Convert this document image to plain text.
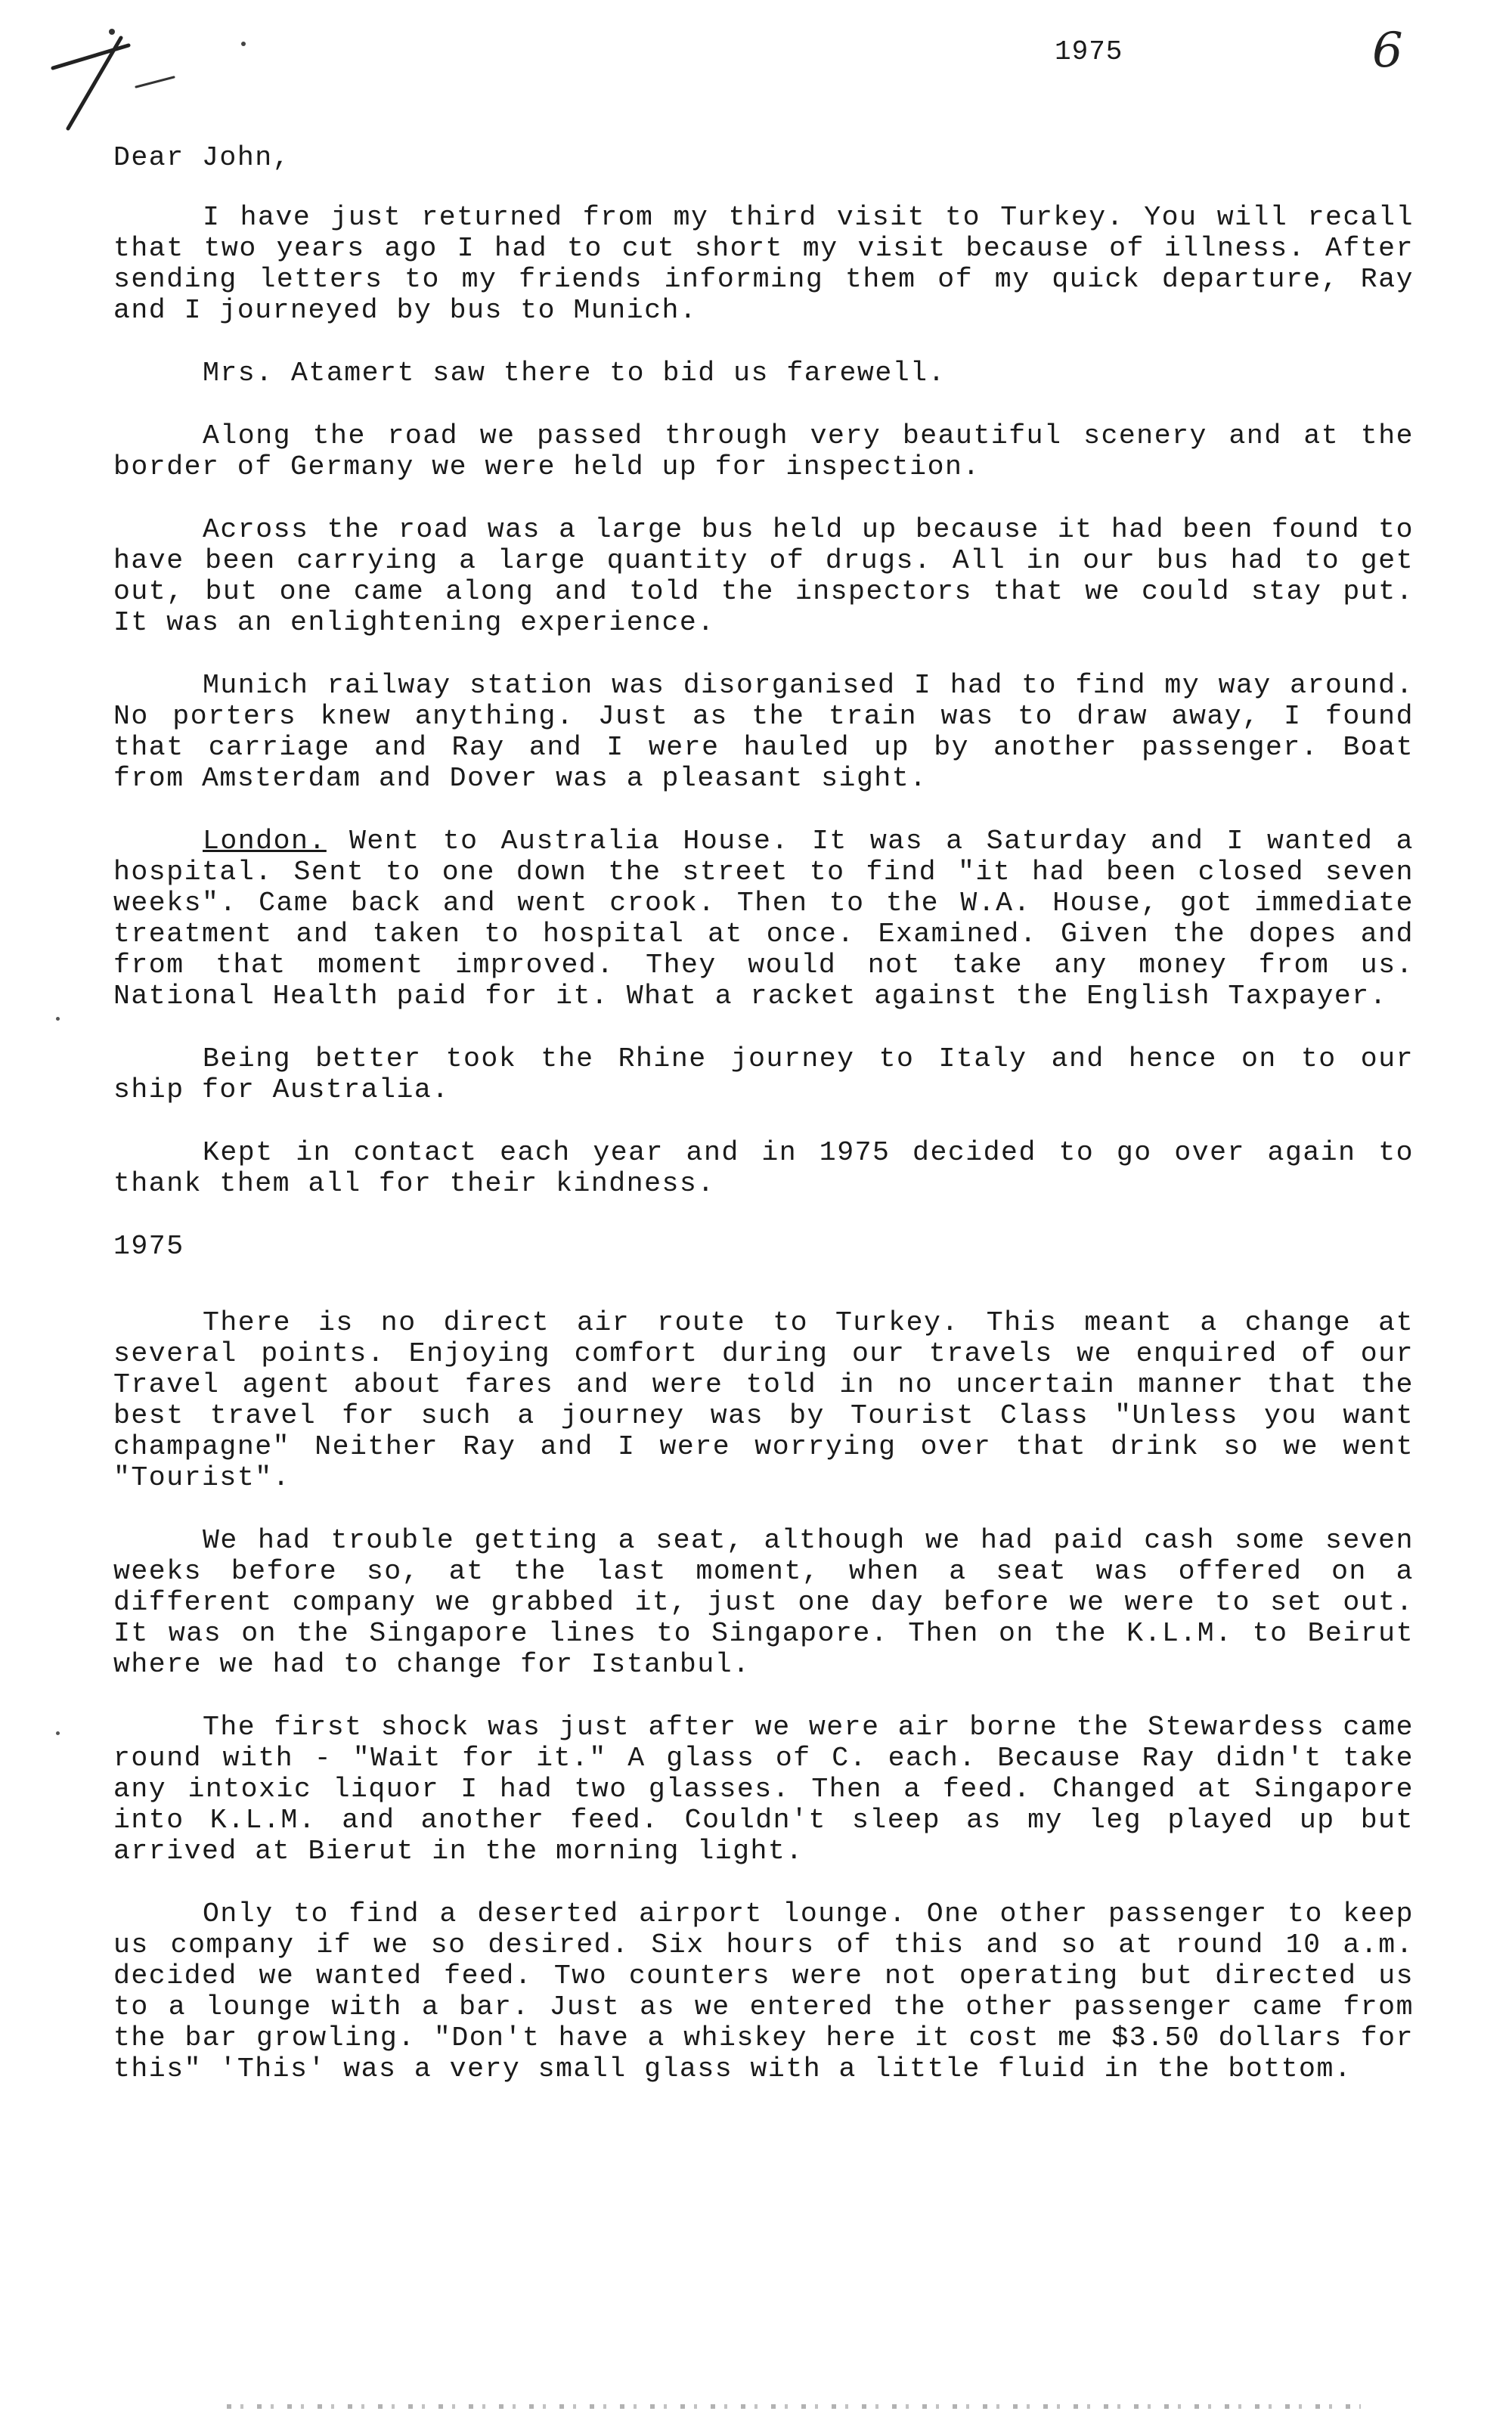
1975	6

Dear John,

I have just returned from my third visit to Turkey. You will recall that two years ago I had to cut short my visit because of illness. After sending letters to my friends informing them of my quick departure, Ray and I journeyed by bus to Munich.

Mrs. Atamert saw there to bid us farewell.

Along the road we passed through very beautiful scenery and at the border of Germany we were held up for inspection.

Across the road was a large bus held up because it had been found to have been carrying a large quantity of drugs. All in our bus had to get out, but one came along and told the inspectors that we could stay put. It was an enlightening experience.

Munich railway station was disorganised I had to find my way around. No porters knew anything. Just as the train was to draw away, I found that carriage and Ray and I were hauled up by another passenger. Boat from Amsterdam and Dover was a pleasant sight.

London. Went to Australia House. It was a Saturday and I wanted a hospital. Sent to one down the street to find "it had been closed seven weeks". Came back and went crook. Then to the W.A. House, got immediate treatment and taken to hospital at once. Examined. Given the dopes and from that moment improved. They would not take any money from us. National Health paid for it. What a racket against the English Taxpayer.

Being better took the Rhine journey to Italy and hence on to our ship for Australia.

Kept in contact each year and in 1975 decided to go over again to thank them all for their kindness.

1975

There is no direct air route to Turkey. This meant a change at several points. Enjoying comfort during our travels we enquired of our Travel agent about fares and were told in no uncertain manner that the best travel for such a journey was by Tourist Class "Unless you want champagne" Neither Ray and I were worrying over that drink so we went "Tourist".

We had trouble getting a seat, although we had paid cash some seven weeks before so, at the last moment, when a seat was offered on a different company we grabbed it, just one day before we were to set out. It was on the Singapore lines to Singapore. Then on the K.L.M. to Beirut where we had to change for Istanbul.

The first shock was just after we were air borne the Stewardess came round with - "Wait for it." A glass of C. each. Because Ray didn't take any intoxic liquor I had two glasses. Then a feed. Changed at Singapore into K.L.M. and another feed. Couldn't sleep as my leg played up but arrived at Bierut in the morning light.

Only to find a deserted airport lounge. One other passenger to keep us company if we so desired. Six hours of this and so at round 10 a.m. decided we wanted feed. Two counters were not operating but directed us to a lounge with a bar. Just as we entered the other passenger came from the bar growling. "Don't have a whiskey here it cost me $3.50 dollars for this" 'This' was a very small glass with a little fluid in the bottom.
